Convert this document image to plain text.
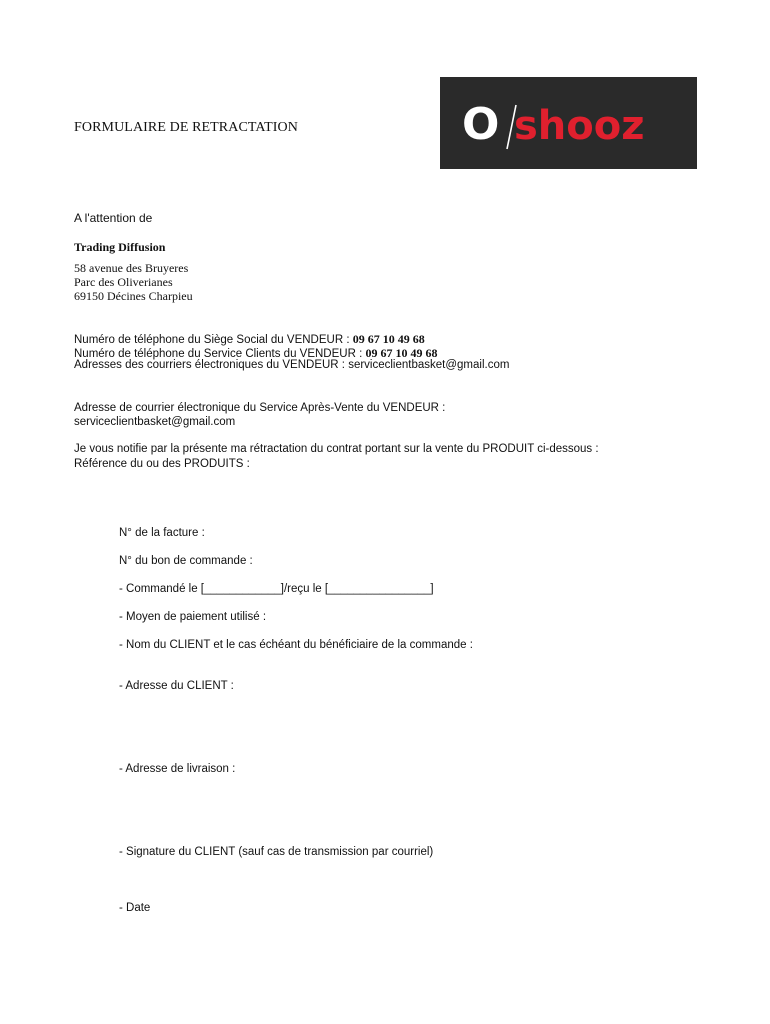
FORMULAIRE DE RETRACTATION	O shooz
A l'attention de
Trading Diffusion
58 avenue des Bruyeres
Parc des Oliverianes
69150 Décines Charpieu
Numéro de téléphone du Siège Social du VENDEUR : 09 67 10 49 68
Numéro de téléphone du Service Clients du VENDEUR : 09 67 10 49 68
Adresses des courriers électroniques du VENDEUR : serviceclientbasket@gmail.com
Adresse de courrier électronique du Service Après-Vente du VENDEUR :
serviceclientbasket@gmail.com
Je vous notifie par la présente ma rétractation du contrat portant sur la vente du PRODUIT ci-dessous :
Référence du ou des PRODUITS :
N° de la facture :
N° du bon de commande :
- Commandé le [____________]/reçu le [________________]
- Moyen de paiement utilisé :
- Nom du CLIENT et le cas échéant du bénéficiaire de la commande :
- Adresse du CLIENT :
- Adresse de livraison :
- Signature du CLIENT (sauf cas de transmission par courriel)
- Date
